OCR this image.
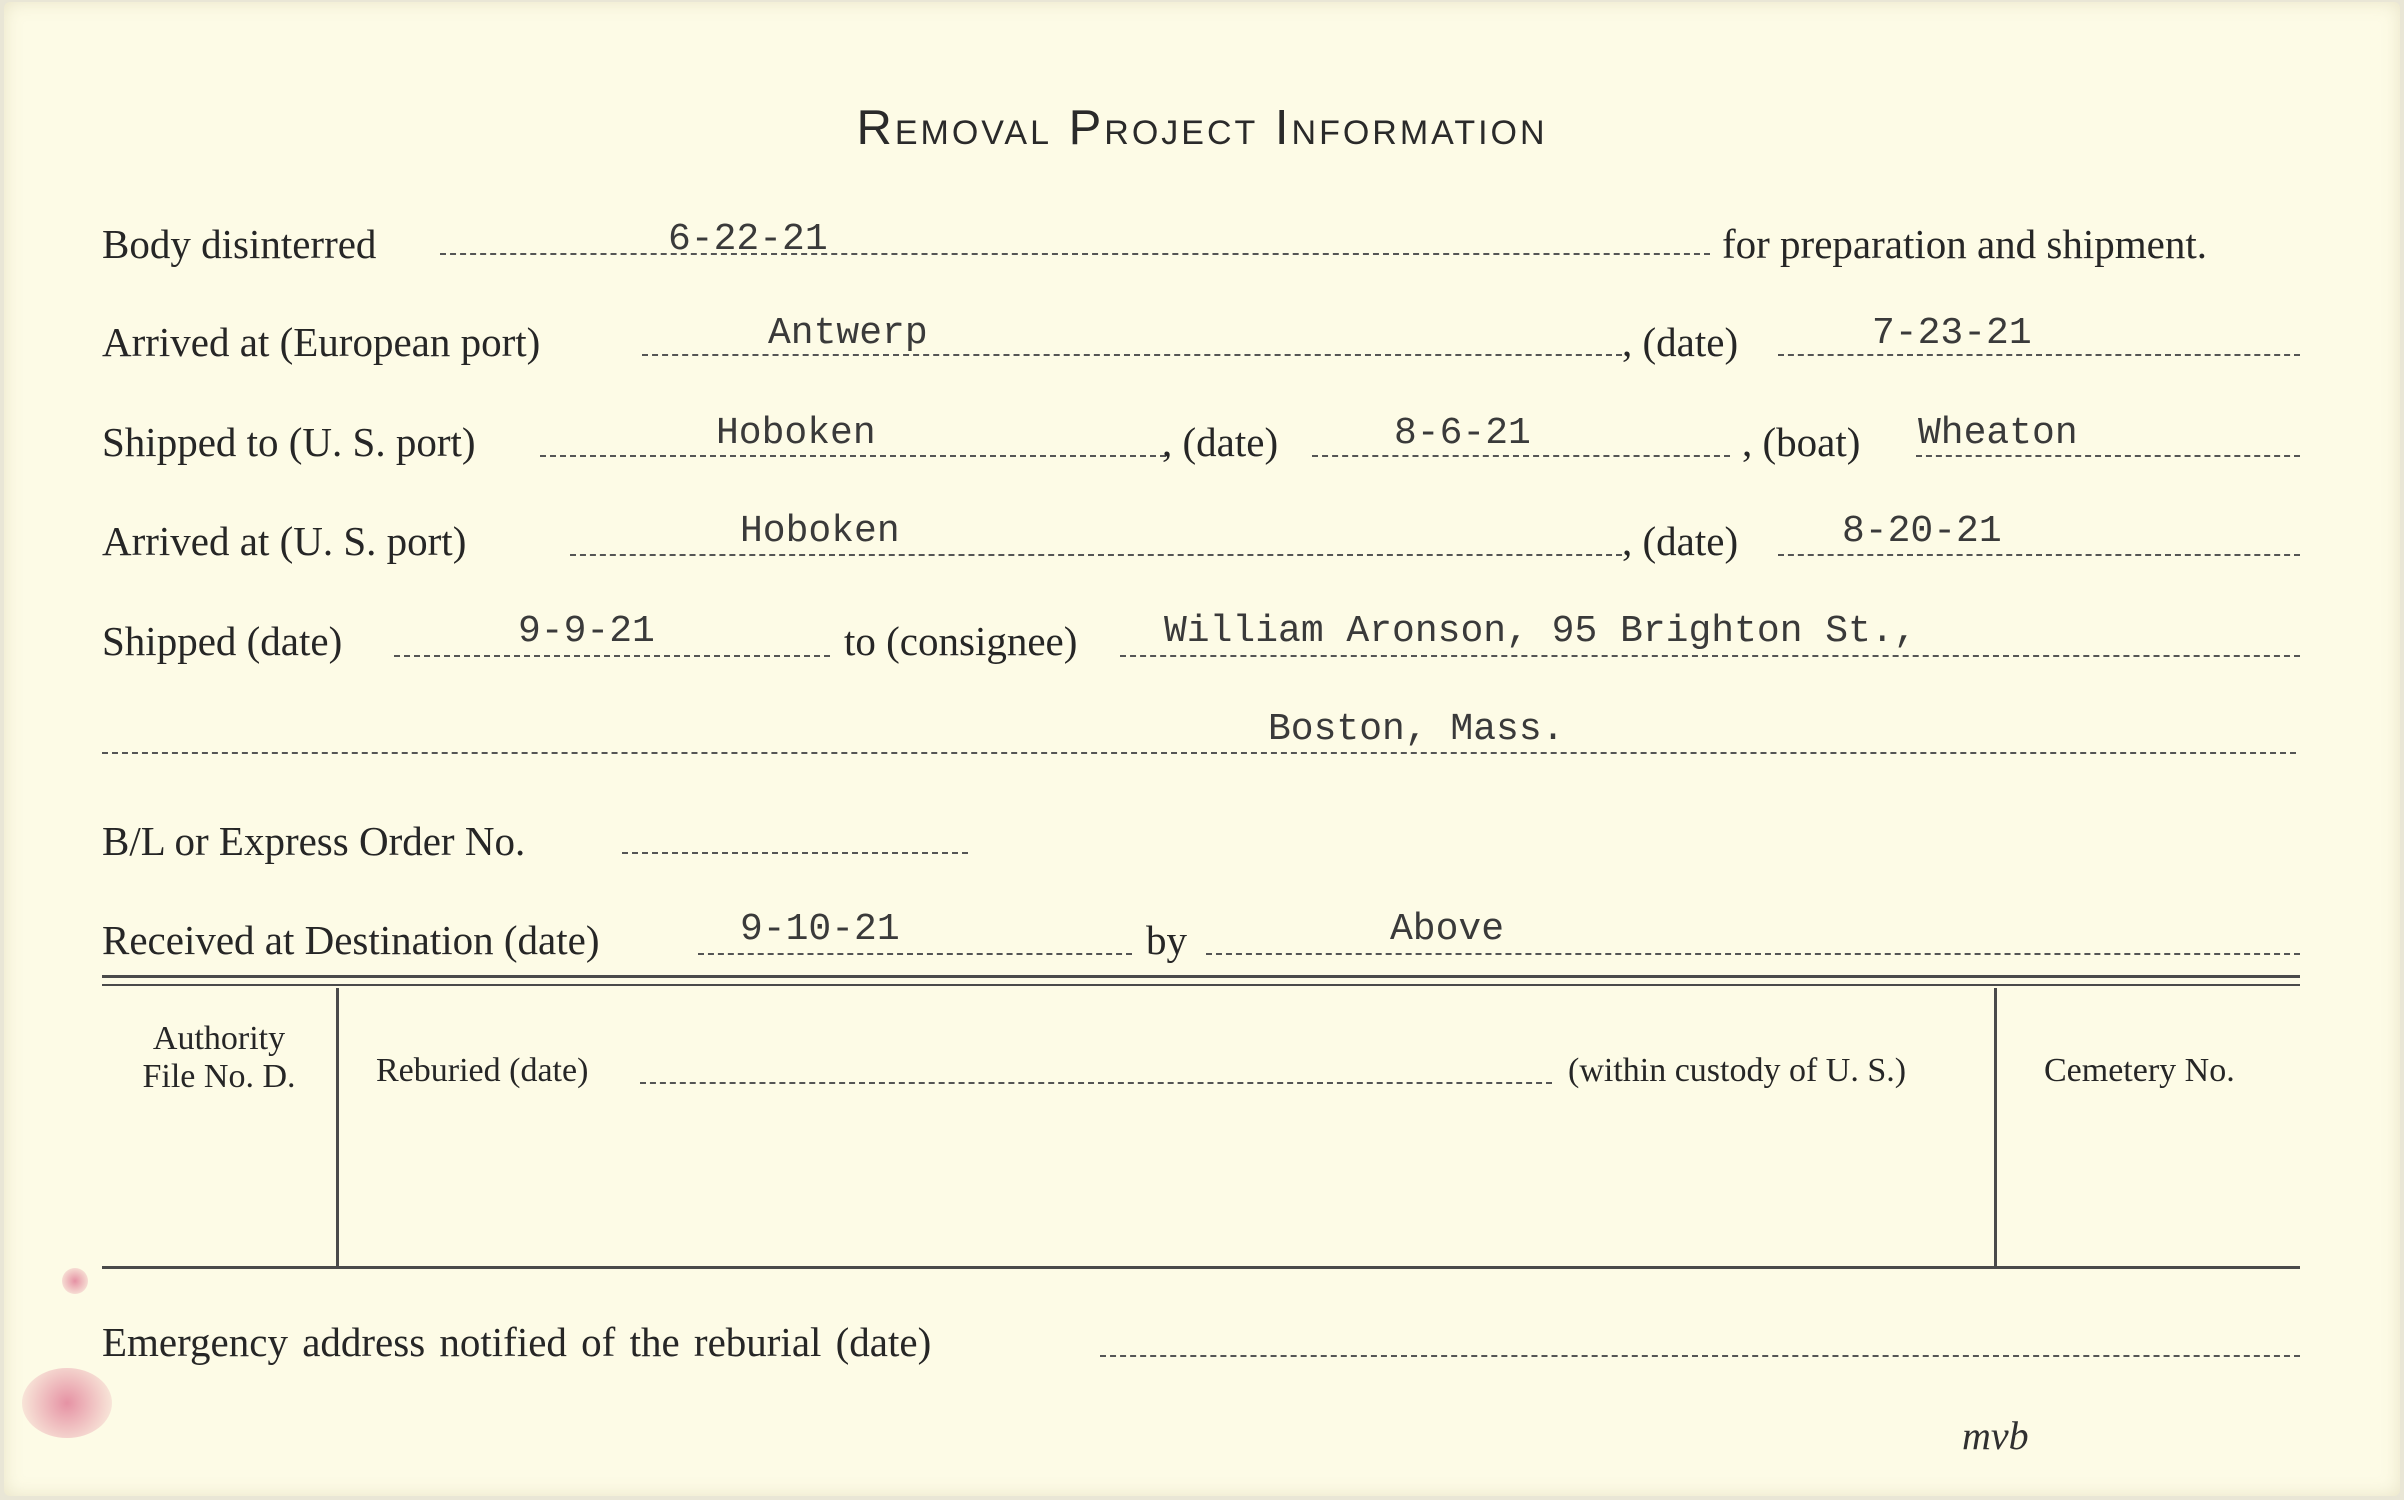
Removal Project Information
Body disinterred	6-22-21	for preparation and shipment.
Arrived at (European port)	Antwerp	, (date)	7-23-21
Shipped to (U. S. port)	Hoboken	, (date)	8-6-21	, (boat) Wheaton
Arrived at (U. S. port)	Hoboken	, (date)	8-20-21
Shipped (date)	9-9-21	to (consignee) William Aronson, 95 Brighton St.,
Boston, Mass.
B/L or Express Order No.
Received at Destination (date)	9-10-21	by	Above
Authority
File No. D.	Reburied (date)	(within custody of U. S.)	Cemetery No.
Emergency address notified of the reburial (date)
mvb
